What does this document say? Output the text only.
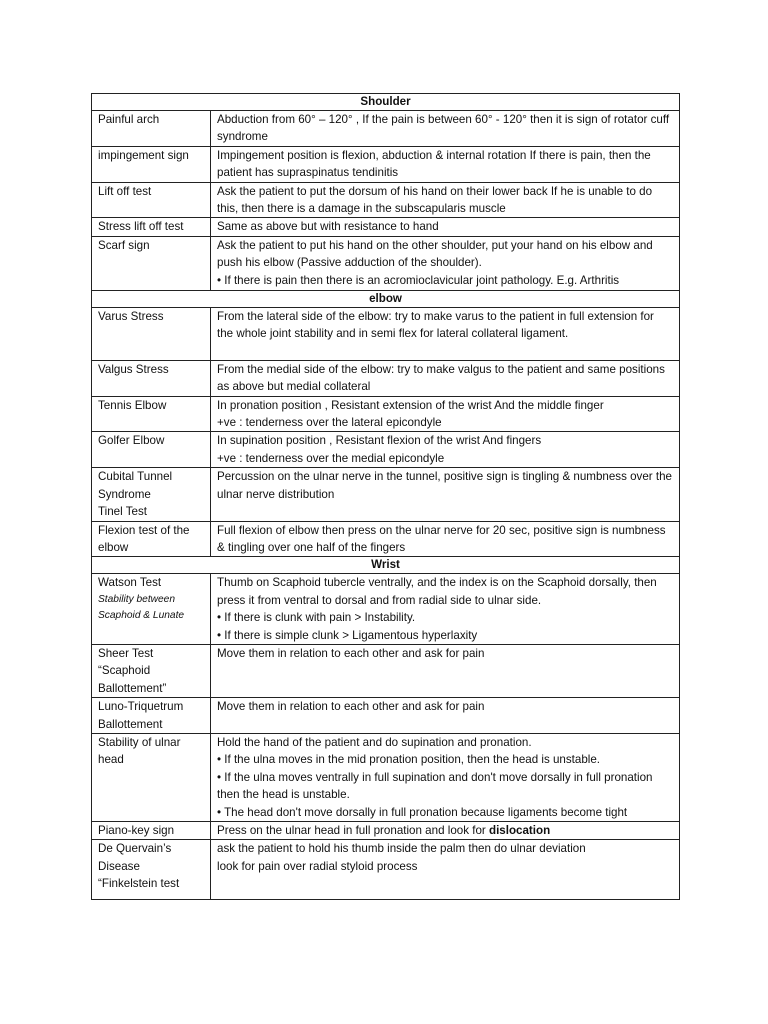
Shoulder	

Painful arch	Abduction from 60° – 120° , If the pain is between 60° - 120° then it is sign of rotator cuff syndrome

impingement sign	Impingement position is flexion, abduction & internal rotation If there is pain, then the patient has supraspinatus tendinitis

Lift off test	Ask the patient to put the dorsum of his hand on their lower back If he is unable to do this, then there is a damage in the subscapularis muscle

Stress lift off test	Same as above but with resistance to hand

Scarf sign	Ask the patient to put his hand on the other shoulder, put your hand on his elbow and push his elbow (Passive adduction of the shoulder).
• If there is pain then there is an acromioclavicular joint pathology. E.g. Arthritis

elbow	

Varus Stress	From the lateral side of the elbow: try to make varus to the patient in full extension for the whole joint stability and in semi flex for lateral collateral ligament.

Valgus Stress	From the medial side of the elbow: try to make valgus to the patient and same positions as above but medial collateral

Tennis Elbow	In pronation position , Resistant extension of the wrist And the middle finger
+ve : tenderness over the lateral epicondyle

Golfer Elbow	In supination position , Resistant flexion of the wrist And fingers
+ve : tenderness over the medial epicondyle

Cubital Tunnel
Syndrome
Tinel Test	Percussion on the ulnar nerve in the tunnel, positive sign is tingling & numbness over the ulnar nerve distribution

Flexion test of the elbow	Full flexion of elbow then press on the ulnar nerve for 20 sec, positive sign is numbness & tingling over one half of the fingers

Wrist	

Watson Test
Stability between Scaphoid & Lunate	Thumb on Scaphoid tubercle ventrally, and the index is on the Scaphoid dorsally, then press it from ventral to dorsal and from radial side to ulnar side.
• If there is clunk with pain > Instability.
• If there is simple clunk > Ligamentous hyperlaxity

Sheer Test
“Scaphoid
Ballottement”	Move them in relation to each other and ask for pain

Luno-Triquetrum
Ballottement	Move them in relation to each other and ask for pain

Stability of ulnar head	Hold the hand of the patient and do supination and pronation.
• If the ulna moves in the mid pronation position, then the head is unstable.
• If the ulna moves ventrally in full supination and don't move dorsally in full pronation then the head is unstable.
• The head don't move dorsally in full pronation because ligaments become tight

Piano-key sign	Press on the ulnar head in full pronation and look for dislocation

De Quervain’s
Disease
“Finkelstein test	ask the patient to hold his thumb inside the palm then do ulnar deviation
look for pain over radial styloid process
